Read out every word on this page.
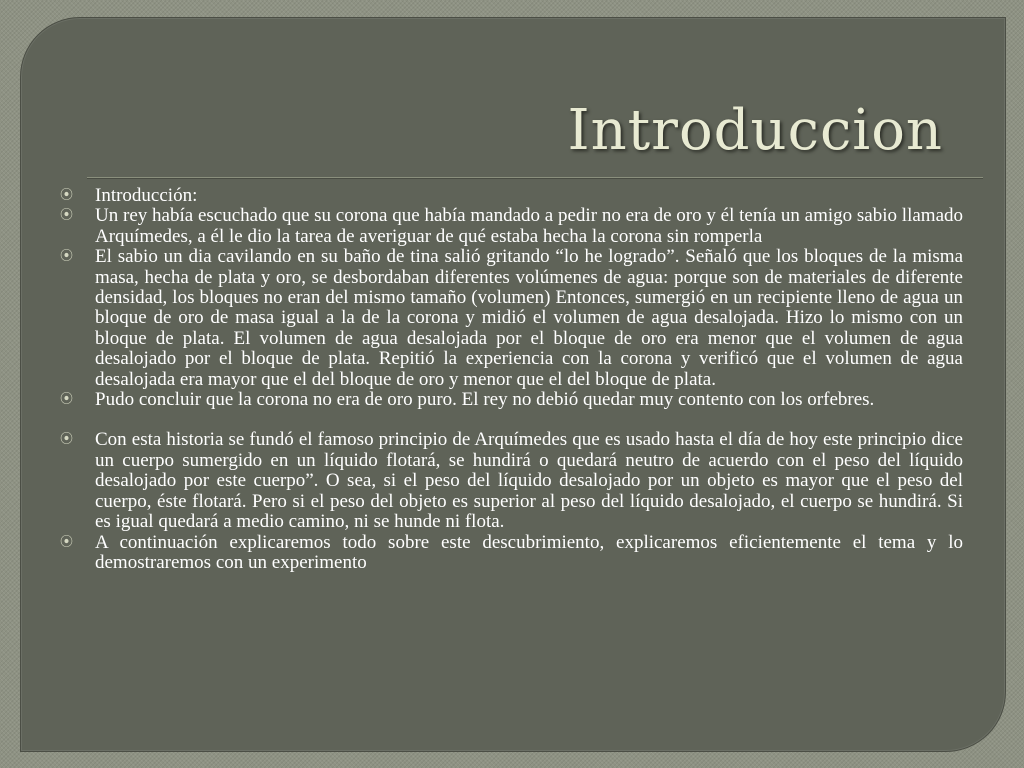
Introduccion
⦿ Introducción:
⦿ Un rey había escuchado que su corona que había mandado a pedir no era de oro y él tenía un amigo sabio llamado Arquímedes, a él le dio la tarea de averiguar de qué estaba hecha la corona sin romperla
⦿ El sabio un dia cavilando en su baño de tina salió gritando “lo he logrado”. Señaló que los bloques de la misma masa, hecha de plata y oro, se desbordaban diferentes volúmenes de agua: porque son de materiales de diferente densidad, los bloques no eran del mismo tamaño (volumen) Entonces, sumergió en un recipiente lleno de agua un bloque de oro de masa igual a la de la corona y midió el volumen de agua desalojada. Hizo lo mismo con un bloque de plata. El volumen de agua desalojada por el bloque de oro era menor que el volumen de agua desalojado por el bloque de plata. Repitió la experiencia con la corona y verificó que el volumen de agua desalojada era mayor que el del bloque de oro y menor que el del bloque de plata.
⦿ Pudo concluir que la corona no era de oro puro. El rey no debió quedar muy contento con los orfebres.
⦿ Con esta historia se fundó el famoso principio de Arquímedes que es usado hasta el día de hoy este principio dice un cuerpo sumergido en un líquido flotará, se hundirá o quedará neutro de acuerdo con el peso del líquido desalojado por este cuerpo”. O sea, si el peso del líquido desalojado por un objeto es mayor que el peso del cuerpo, éste flotará. Pero si el peso del objeto es superior al peso del líquido desalojado, el cuerpo se hundirá. Si es igual quedará a medio camino, ni se hunde ni flota.
⦿ A continuación explicaremos todo sobre este descubrimiento, explicaremos eficientemente el tema y lo demostraremos con un experimento
